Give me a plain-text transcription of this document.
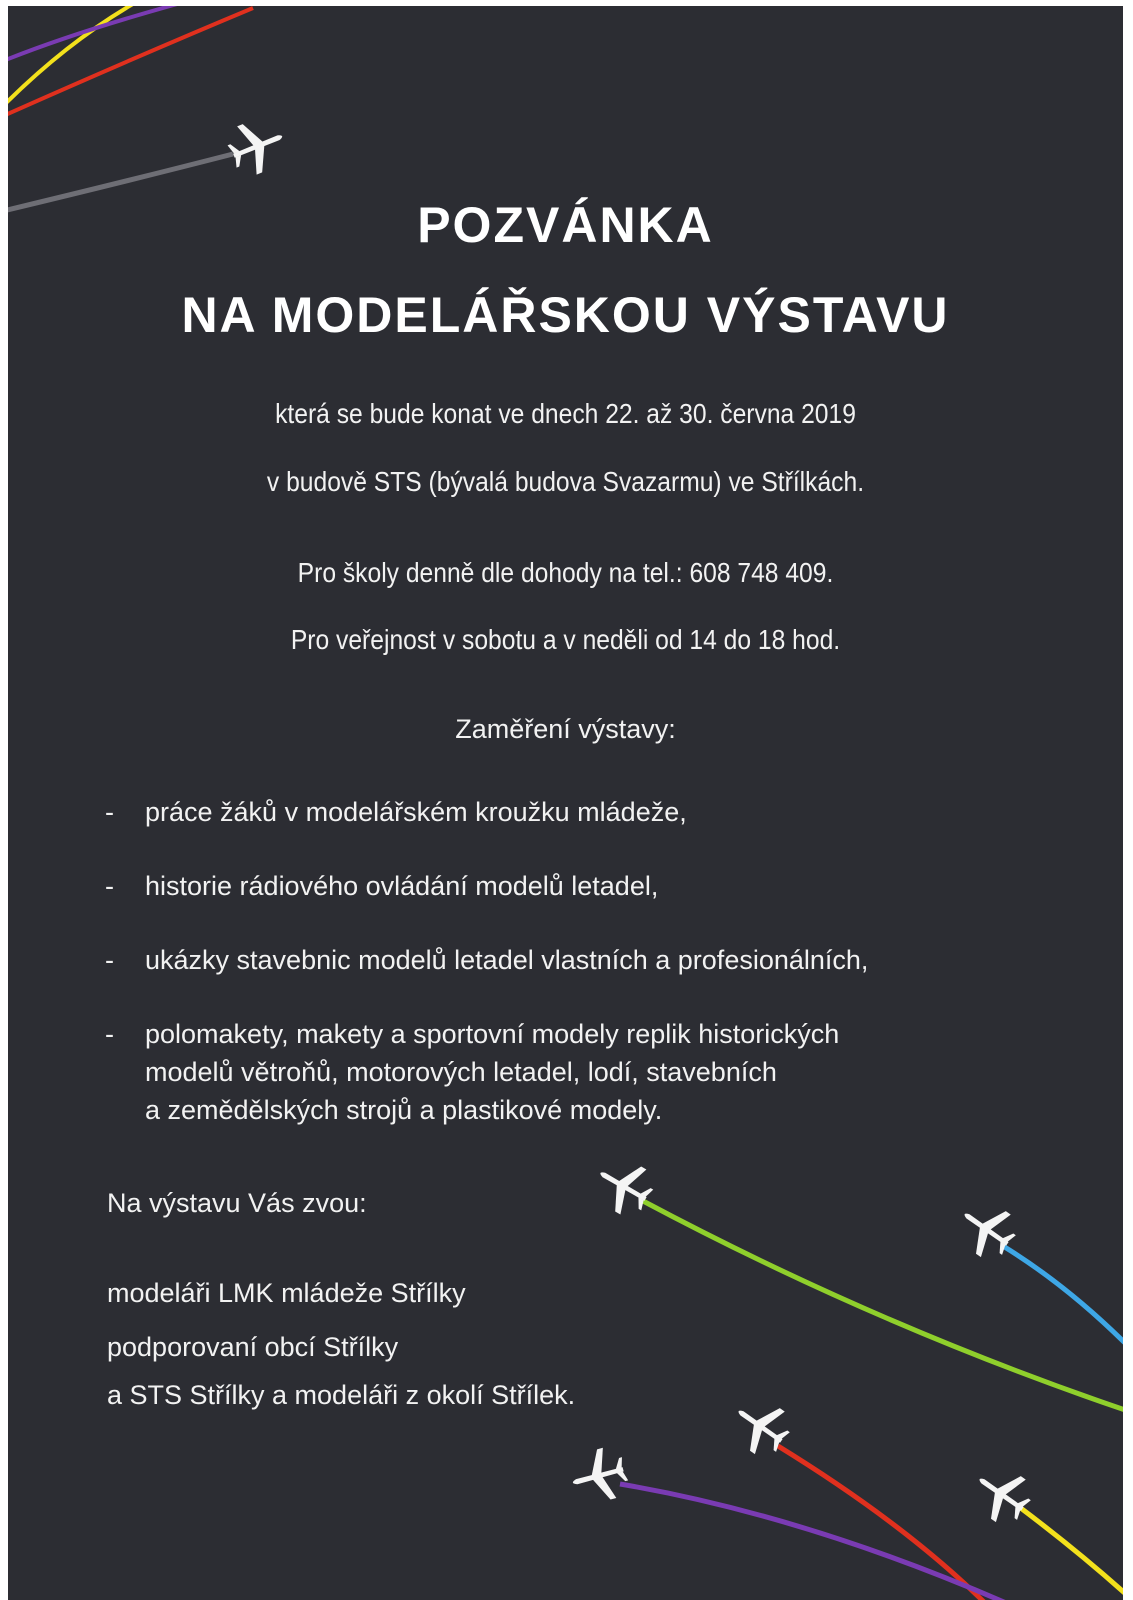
POZVÁNKA
NA MODELÁŘSKOU VÝSTAVU
která se bude konat ve dnech 22. až 30. června 2019
v budově STS (bývalá budova Svazarmu) ve Střílkách.
Pro školy denně dle dohody na tel.: 608 748 409.
Pro veřejnost v sobotu a v neděli od 14 do 18 hod.
Zaměření výstavy:
- práce žáků v modelářském kroužku mládeže,
- historie rádiového ovládání modelů letadel,
- ukázky stavebnic modelů letadel vlastních a profesionálních,
- polomakety, makety a sportovní modely replik historických
modelů větroňů, motorových letadel, lodí, stavebních
a zemědělských strojů a plastikové modely.
Na výstavu Vás zvou:
modeláři LMK mládeže Střílky
podporovaní obcí Střílky
a STS Střílky a modeláři z okolí Střílek.
